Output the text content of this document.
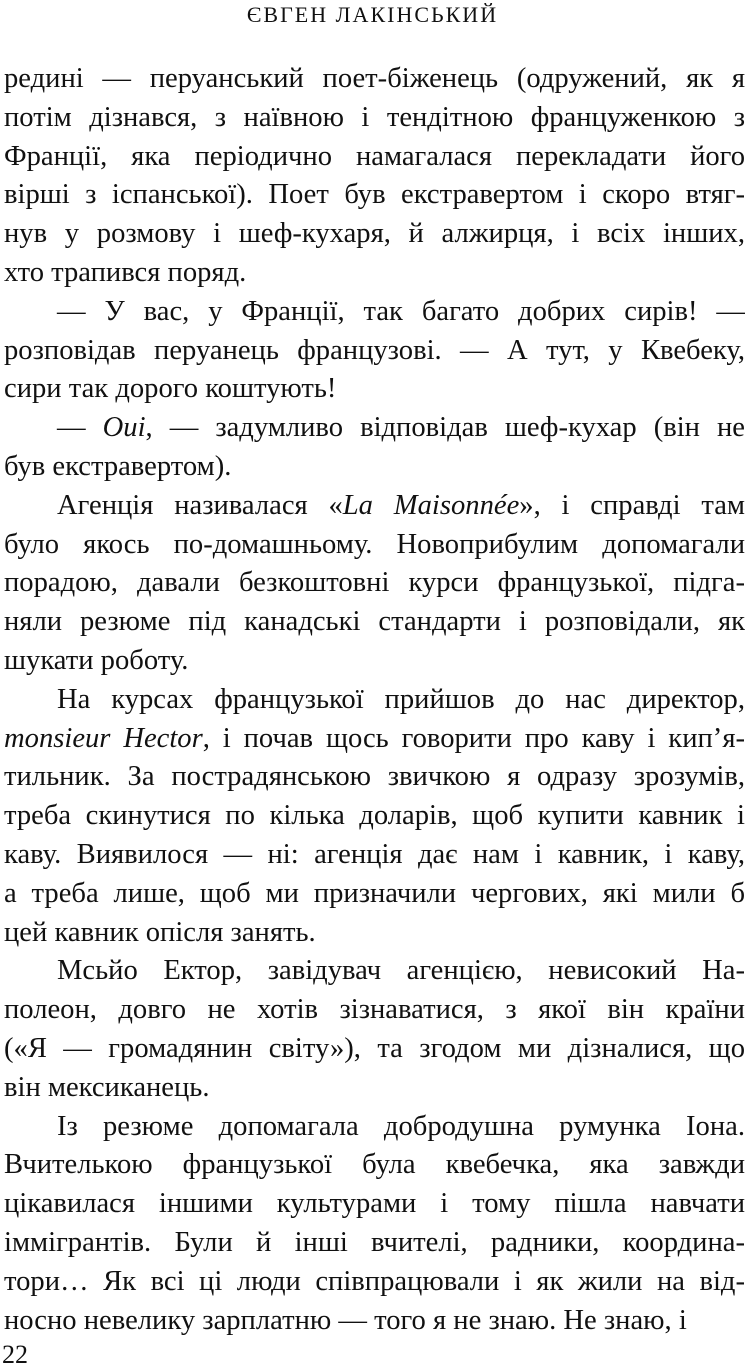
ЄВГЕН ЛАКІНСЬКИЙ
редині — перуанський поет-біженець (одружений, як я
потім дізнався, з наївною і тендітною француженкою з
Франції, яка періодично намагалася перекладати його
вірші з іспанської). Поет був екстравертом і скоро втяг-
нув у розмову і шеф-кухаря, й алжирця, і всіх інших,
хто трапився поряд.
— У вас, у Франції, так багато добрих сирів! —
розповідав перуанець французові. — А тут, у Квебеку,
сири так дорого коштують!
— Oui, — задумливо відповідав шеф-кухар (він не
був екстравертом).
Агенція називалася «La Maisonnée», і справді там
було якось по-домашньому. Новоприбулим допомагали
порадою, давали безкоштовні курси французької, підга-
няли резюме під канадські стандарти і розповідали, як
шукати роботу.
На курсах французької прийшов до нас директор,
monsieur Hector, і почав щось говорити про каву і кип’я-
тильник. За пострадянською звичкою я одразу зрозумів,
треба скинутися по кілька доларів, щоб купити кавник і
каву. Виявилося — ні: агенція дає нам і кавник, і каву,
а треба лише, щоб ми призначили чергових, які мили б
цей кавник опісля занять.
Мсьйо Ектор, завідувач агенцією, невисокий На-
полеон, довго не хотів зізнаватися, з якої він країни
(«Я — громадянин світу»), та згодом ми дізналися, що
він мексиканець.
Із резюме допомагала добродушна румунка Іона.
Вчителькою французької була квебечка, яка завжди
цікавилася іншими культурами і тому пішла навчати
іммігрантів. Були й інші вчителі, радники, координа-
тори… Як всі ці люди співпрацювали і як жили на від-
носно невелику зарплатню — того я не знаю. Не знаю, і
22
